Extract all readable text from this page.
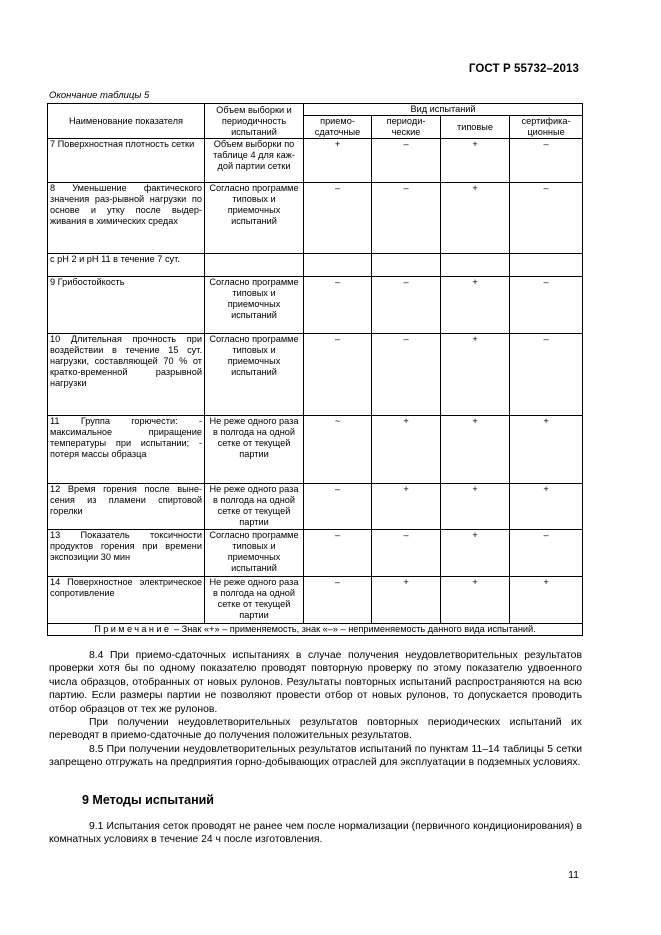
ГОСТ Р 55732–2013
Окончание таблицы 5
Наименование показателя	Объем выборки и периодичность испытаний	Вид испытаний			
		приемо-сдаточные	периоди-ческие	типовые	сертифика-ционные
7 Поверхностная плотность сетки	Объем выборки по таблице 4 для каж-дой партии сетки	+	–	+	–
8 Уменьшение фактического значения раз-рывной нагрузки по основе и утку после выдер-живания в химических средах	Согласно программе типовых и приемочных испытаний	–	–	+	–
с рН 2 и рН 11 в течение 7 сут.					
9 Грибостойкость	Согласно программе типовых и приемочных испытаний	–	–	+	–
10 Длительная прочность при воздействии в течение 15 сут. нагрузки, составляющей 70 % от кратко-временной разрывной нагрузки	Согласно программе типовых и приемочных испытаний	–	–	+	–
11 Группа горючести: - максимальное приращение температуры при испытании; - потеря массы образца	Не реже одного раза в полгода на одной сетке от текущей партии	~	+	+	+
12 Время горения после выне-сения из пламени спиртовой горелки	Не реже одного раза в полгода на одной сетке от текущей партии	–	+	+	+
13 Показатель токсичности продуктов горения при времени экспозиции 30 мин	Согласно программе типовых и приемочных испытаний	–	–	+	–
14 Поверхностное электрическое сопротивление	Не реже одного раза в полгода на одной сетке от текущей партии	–	+	+	+
Примечание – Знак «+» – применяемость, знак «–» – неприменяемость данного вида испытаний.					

8.4 При приемо-сдаточных испытаниях в случае получения неудовлетворительных результатов проверки хотя бы по одному показателю проводят повторную проверку по этому показателю удвоенного числа образцов, отобранных от новых рулонов. Результаты повторных испытаний распространяются на всю партию. Если размеры партии не позволяют провести отбор от новых рулонов, то допускается проводить отбор образцов от тех же рулонов.

При получении неудовлетворительных результатов повторных периодических испытаний их переводят в приемо-сдаточные до получения положительных результатов.

8.5 При получении неудовлетворительных результатов испытаний по пунктам 11–14 таблицы 5 сетки запрещено отгружать на предприятия горно-добывающих отраслей для эксплуатации в подземных условиях.

9 Методы испытаний

9.1 Испытания сеток проводят не ранее чем после нормализации (первичного кондиционирования) в комнатных условиях в течение 24 ч после изготовления.

11
